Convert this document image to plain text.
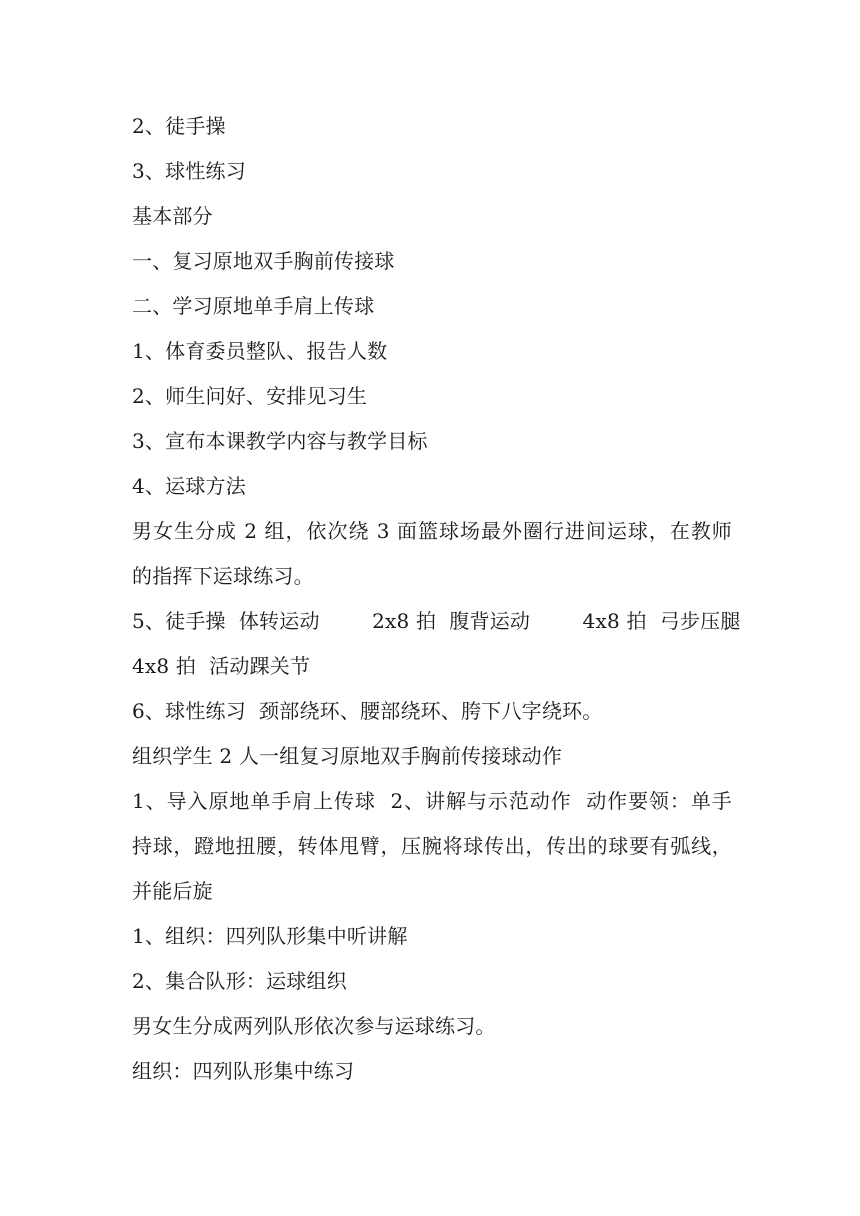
2、徒手操
3、球性练习
基本部分
一、复习原地双手胸前传接球
二、学习原地单手肩上传球
1、体育委员整队、报告人数
2、师生问好、安排见习生
3、宣布本课教学内容与教学目标
4、运球方法
男女生分成 2 组，依次绕 3 面篮球场最外圈行进间运球，在教师
的指挥下运球练习。
5、徒手操  体转运动        2x8 拍  腹背运动        4x8 拍  弓步压腿
4x8 拍  活动踝关节
6、球性练习  颈部绕环、腰部绕环、胯下八字绕环。
组织学生 2 人一组复习原地双手胸前传接球动作
1、导入原地单手肩上传球  2、讲解与示范动作  动作要领：单手
持球，蹬地扭腰，转体甩臂，压腕将球传出，传出的球要有弧线，
并能后旋
1、组织：四列队形集中听讲解
2、集合队形：运球组织
男女生分成两列队形依次参与运球练习。
组织：四列队形集中练习
